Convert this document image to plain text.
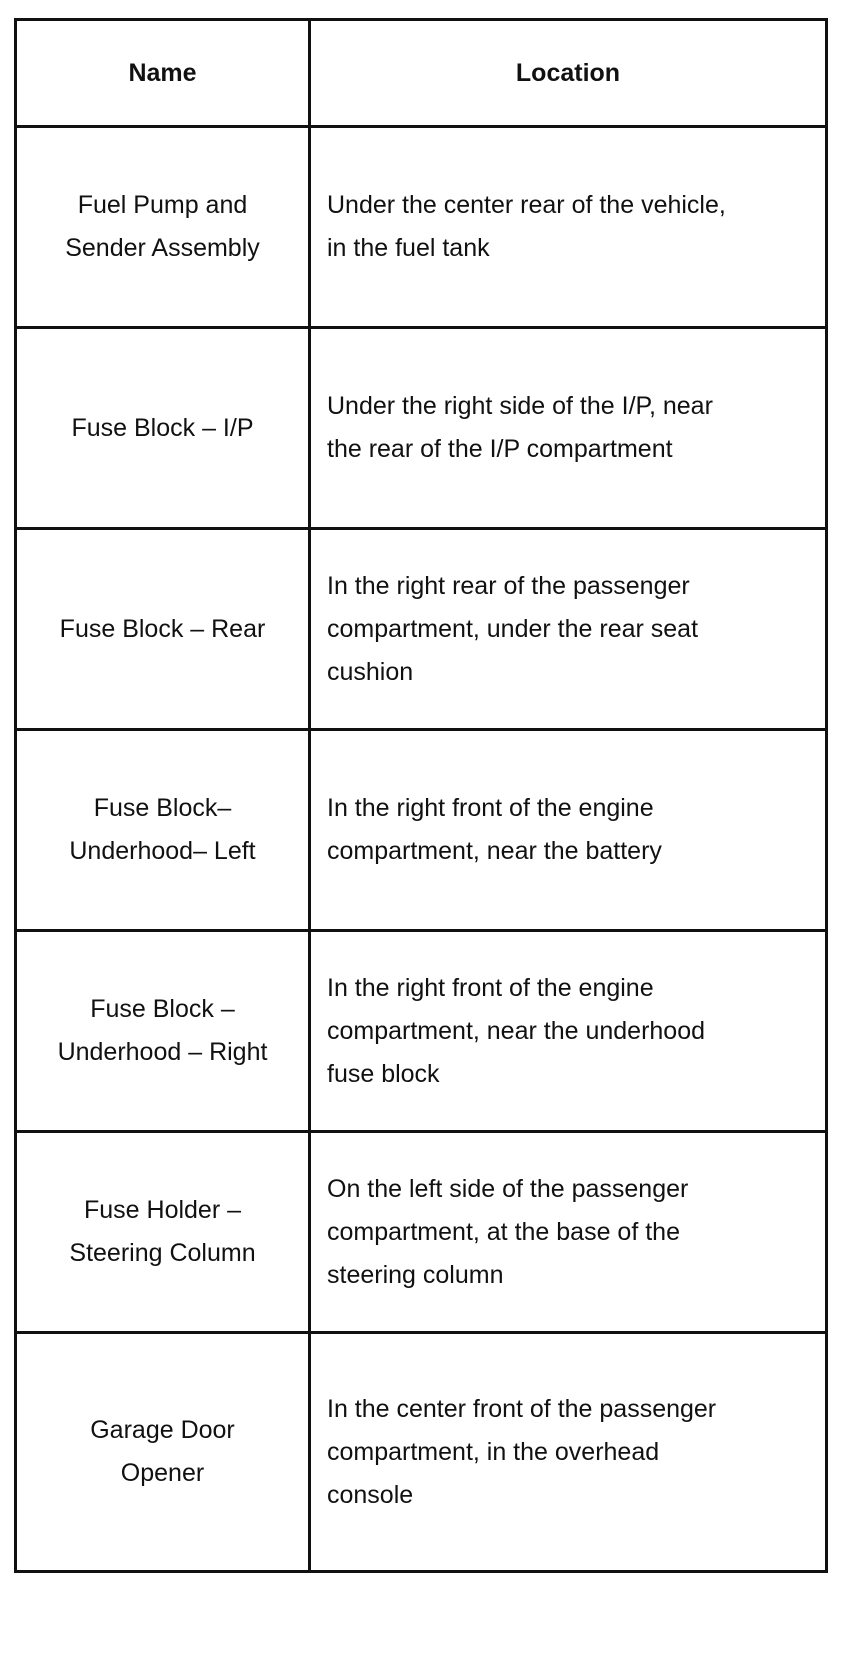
Name	Location
Fuel Pump and
Sender Assembly	Under the center rear of the vehicle,
in the fuel tank
Fuse Block – I/P	Under the right side of the I/P, near
the rear of the I/P compartment
Fuse Block – Rear	In the right rear of the passenger
compartment, under the rear seat
cushion
Fuse Block–
Underhood– Left	In the right front of the engine
compartment, near the battery
Fuse Block –
Underhood – Right	In the right front of the engine
compartment, near the underhood
fuse block
Fuse Holder –
Steering Column	On the left side of the passenger
compartment, at the base of the
steering column
Garage Door
Opener	In the center front of the passenger
compartment, in the overhead
console
